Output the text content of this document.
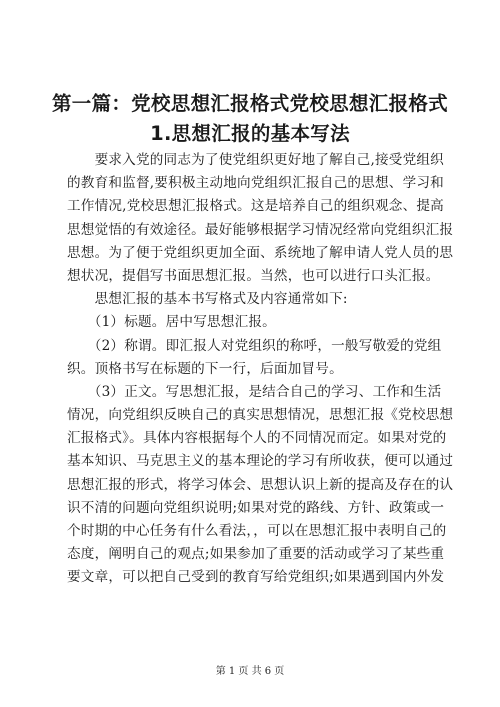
第一篇：党校思想汇报格式党校思想汇报格式
1.思想汇报的基本写法
　　要求入党的同志为了使党组织更好地了解自己,接受党组织
的教育和监督,要积极主动地向党组织汇报自己的思想、学习和
工作情况,党校思想汇报格式。这是培养自己的组织观念、提高
思想觉悟的有效途径。最好能够根据学习情况经常向党组织汇报
思想。为了便于党组织更加全面、系统地了解申请人党人员的思
想状况，提倡写书面思想汇报。当然，也可以进行口头汇报。
　　思想汇报的基本书写格式及内容通常如下:
　　（1）标题。居中写思想汇报。
　　（2）称谓。即汇报人对党组织的称呼，一般写敬爱的党组
织。顶格书写在标题的下一行，后面加冒号。
　　（3）正文。写思想汇报，是结合自己的学习、工作和生活
情况，向党组织反映自己的真实思想情况，思想汇报《党校思想
汇报格式》。具体内容根据每个人的不同情况而定。如果对党的
基本知识、马克思主义的基本理论的学习有所收获，便可以通过
思想汇报的形式，将学习体会、思想认识上新的提高及存在的认
识不清的问题向党组织说明;如果对党的路线、方针、政策或一
个时期的中心任务有什么看法，，可以在思想汇报中表明自己的
态度，阐明自己的观点;如果参加了重要的活动或学习了某些重
要文章，可以把自己受到的教育写给党组织;如果遇到国内外发
第 1 页 共 6 页
